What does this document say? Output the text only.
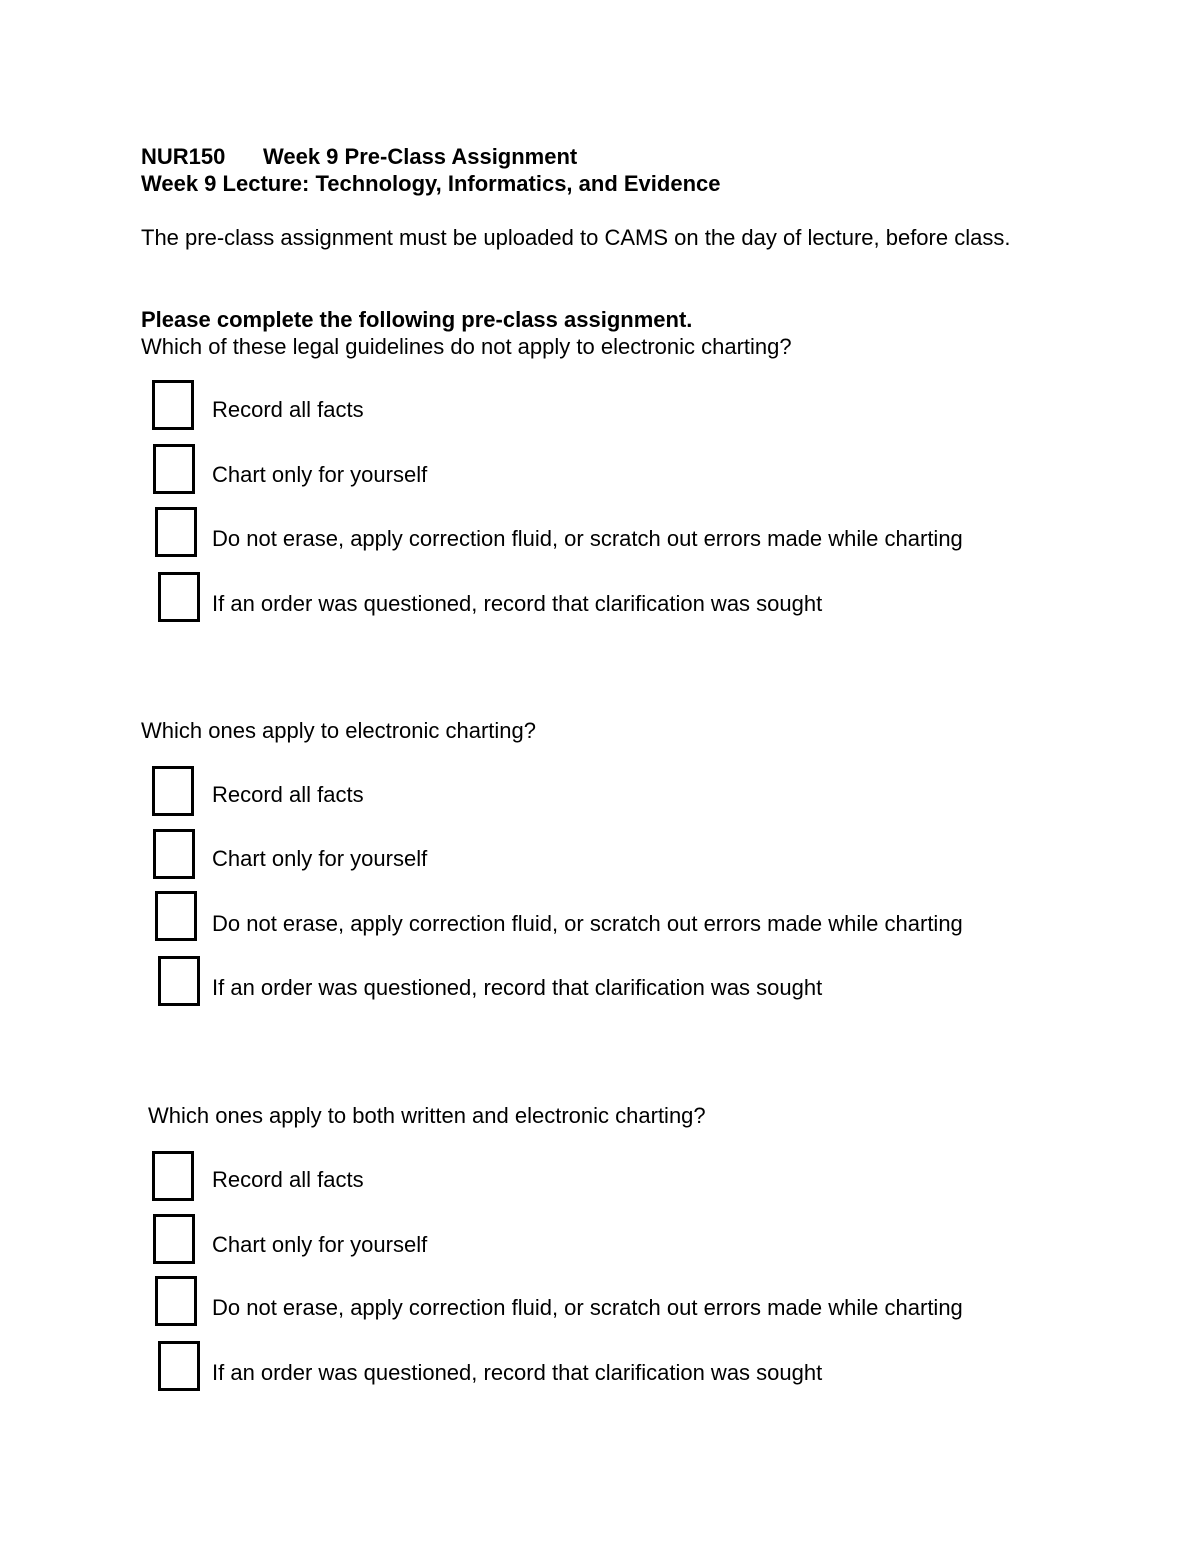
NUR150 Week 9 Pre-Class Assignment
Week 9 Lecture: Technology, Informatics, and Evidence
The pre-class assignment must be uploaded to CAMS on the day of lecture, before class.
Please complete the following pre-class assignment.
Which of these legal guidelines do not apply to electronic charting?
Record all facts
Chart only for yourself
Do not erase, apply correction fluid, or scratch out errors made while charting
If an order was questioned, record that clarification was sought
Which ones apply to electronic charting?
Record all facts
Chart only for yourself
Do not erase, apply correction fluid, or scratch out errors made while charting
If an order was questioned, record that clarification was sought
Which ones apply to both written and electronic charting?
Record all facts
Chart only for yourself
Do not erase, apply correction fluid, or scratch out errors made while charting
If an order was questioned, record that clarification was sought
